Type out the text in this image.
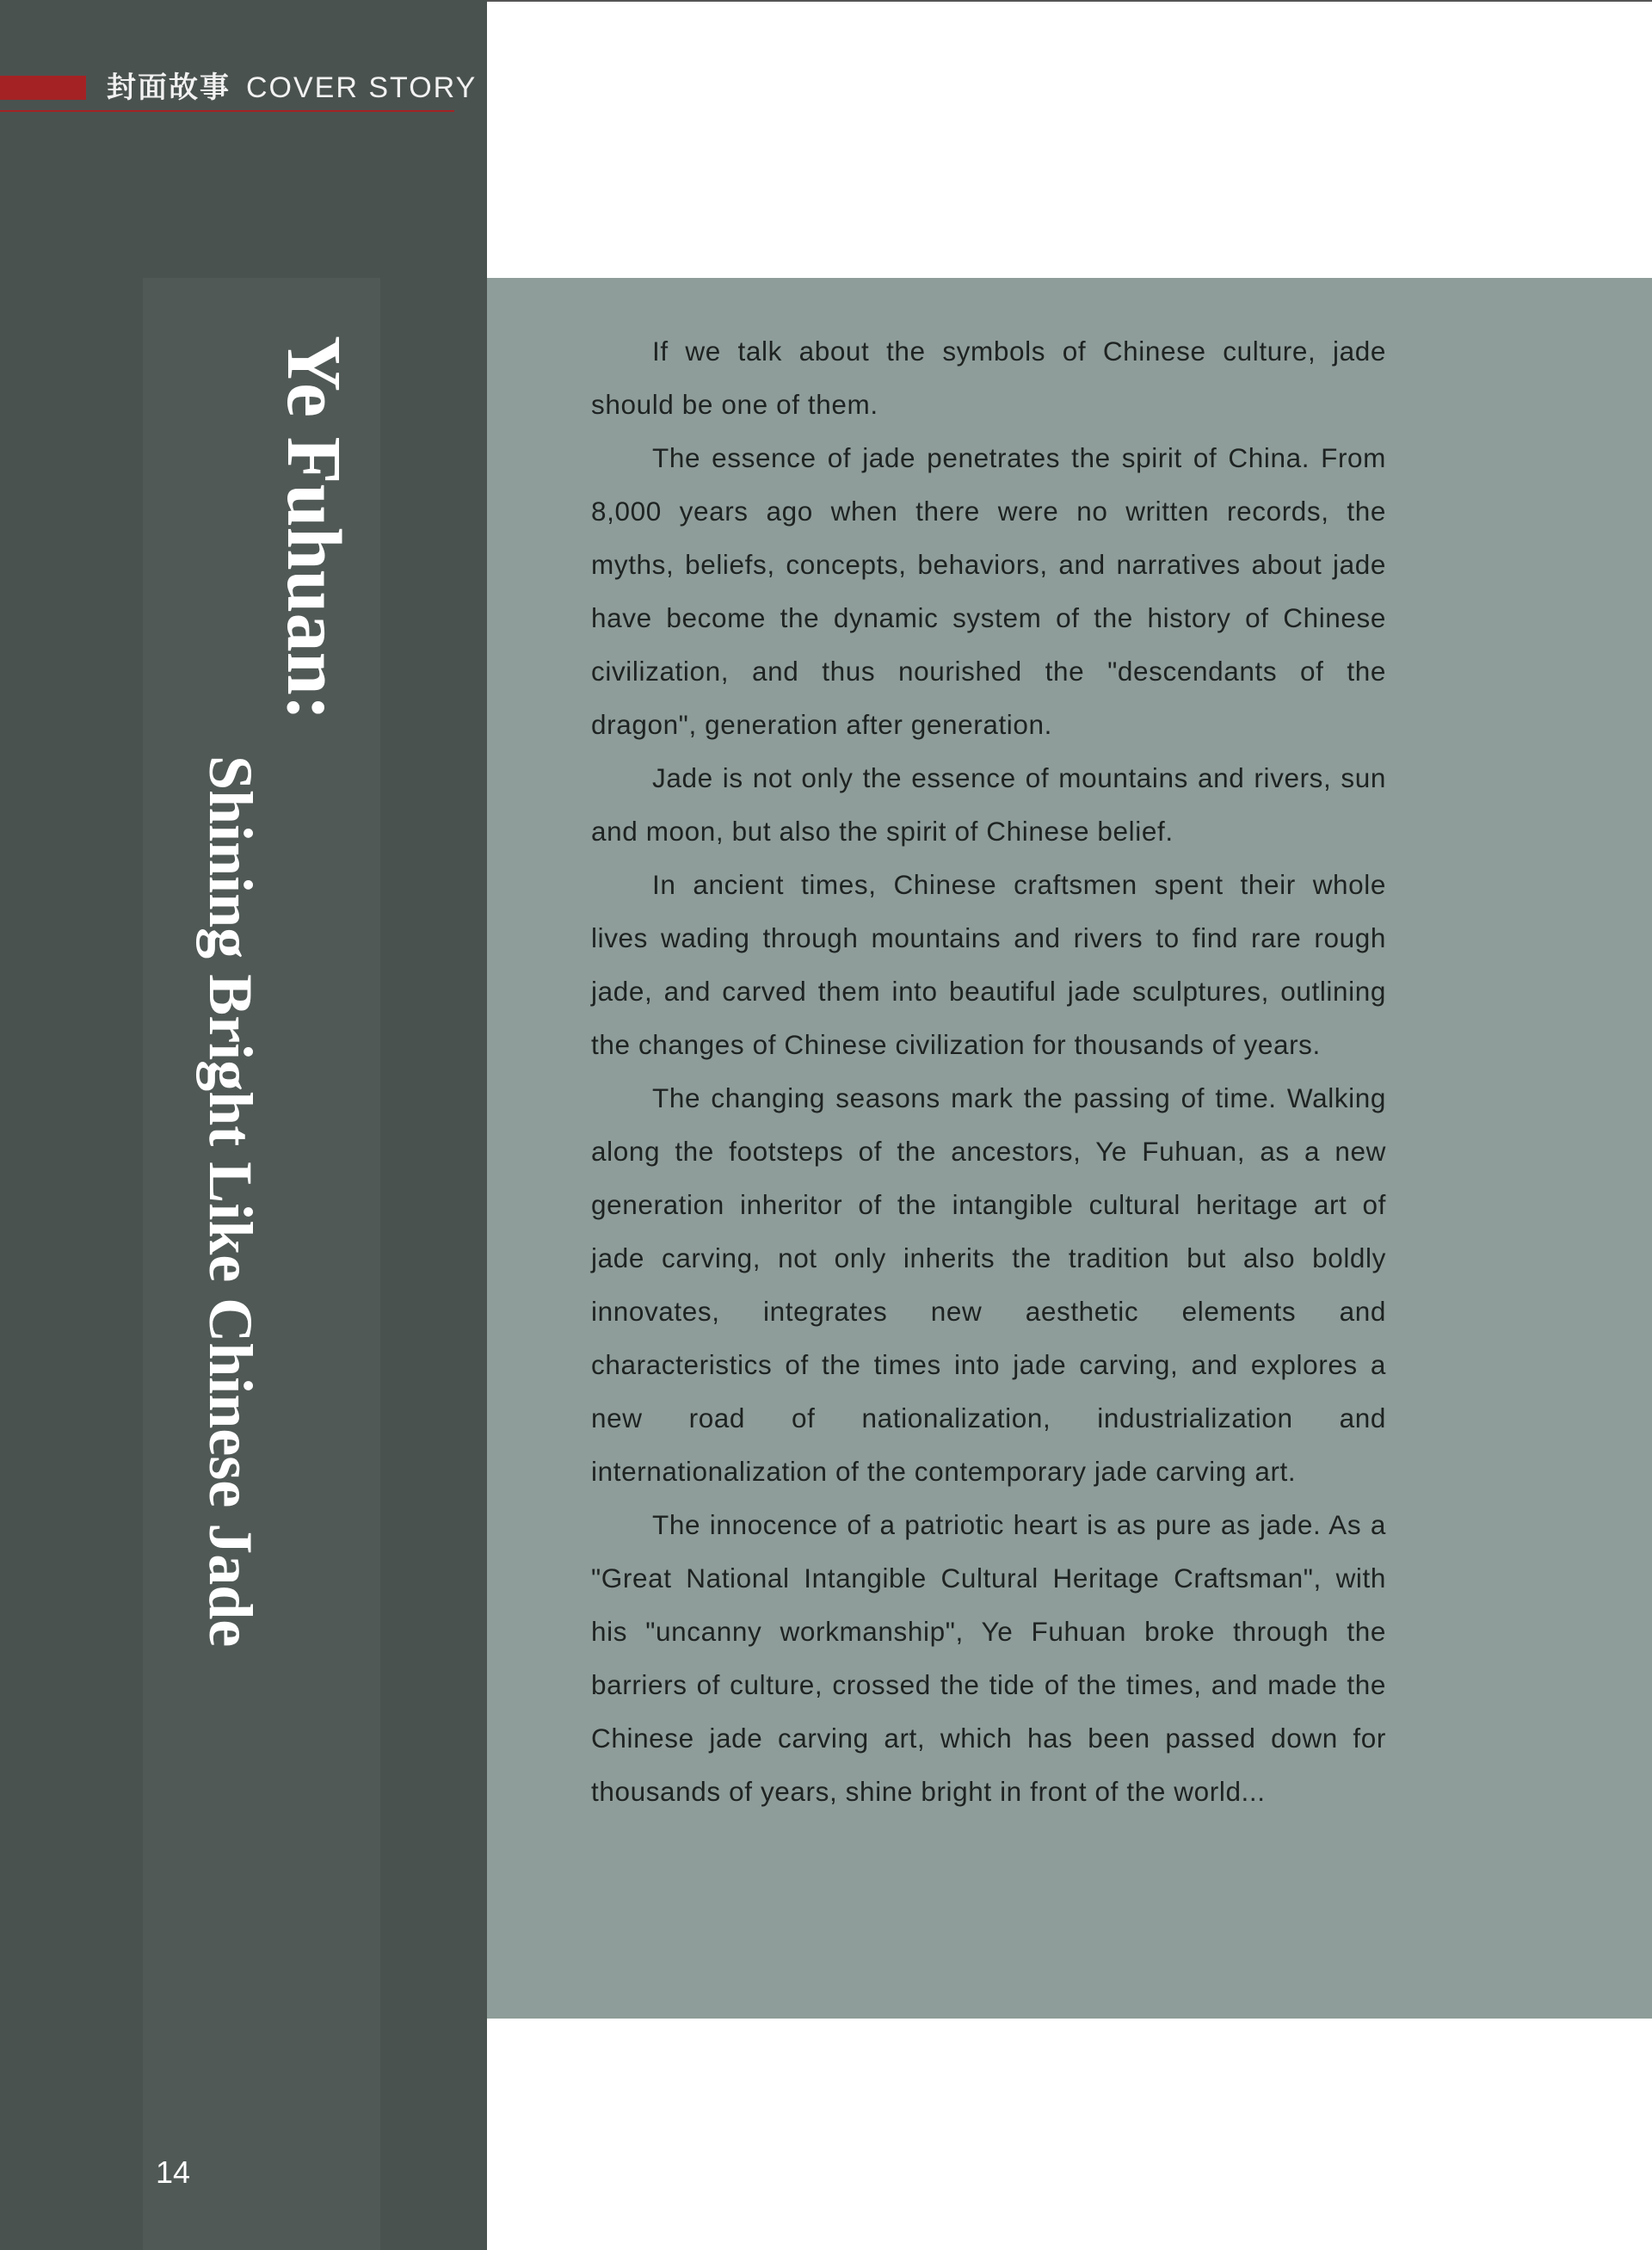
封面故事 COVER STORY
Ye Fuhuan:
Shining Bright Like Chinese Jade
14

If we talk about the symbols of Chinese culture, jade should be one of them.

The essence of jade penetrates the spirit of China. From 8,000 years ago when there were no written records, the myths, beliefs, concepts, behaviors, and narratives about jade have become the dynamic system of the history of Chinese civilization, and thus nourished the "descendants of the dragon", generation after generation.

Jade is not only the essence of mountains and rivers, sun and moon, but also the spirit of Chinese belief.

In ancient times, Chinese craftsmen spent their whole lives wading through mountains and rivers to find rare rough jade, and carved them into beautiful jade sculptures, outlining the changes of Chinese civilization for thousands of years.

The changing seasons mark the passing of time. Walking along the footsteps of the ancestors, Ye Fuhuan, as a new generation inheritor of the intangible cultural heritage art of jade carving, not only inherits the tradition but also boldly innovates, integrates new aesthetic elements and characteristics of the times into jade carving, and explores a new road of nationalization, industrialization and internationalization of the contemporary jade carving art.

The innocence of a patriotic heart is as pure as jade. As a "Great National Intangible Cultural Heritage Craftsman", with his "uncanny workmanship", Ye Fuhuan broke through the barriers of culture, crossed the tide of the times, and made the Chinese jade carving art, which has been passed down for thousands of years, shine bright in front of the world...
